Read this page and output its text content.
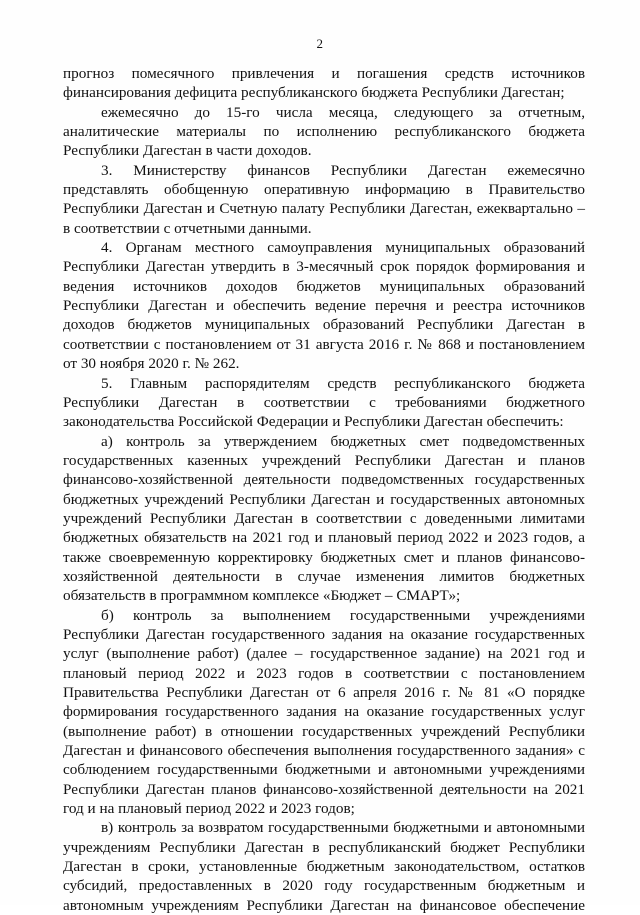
2

прогноз помесячного привлечения и погашения средств источников финансирования дефицита республиканского бюджета Республики Дагестан;

ежемесячно до 15-го числа месяца, следующего за отчетным, аналитические материалы по исполнению республиканского бюджета Республики Дагестан в части доходов.

3. Министерству финансов Республики Дагестан ежемесячно представлять обобщенную оперативную информацию в Правительство Республики Дагестан и Счетную палату Республики Дагестан, ежеквартально – в соответствии с отчетными данными.

4. Органам местного самоуправления муниципальных образований Республики Дагестан утвердить в 3-месячный срок порядок формирования и ведения источников доходов бюджетов муниципальных образований Республики Дагестан и обеспечить ведение перечня и реестра источников доходов бюджетов муниципальных образований Республики Дагестан в соответствии с постановлением от 31 августа 2016 г. № 868 и постановлением от 30 ноября 2020 г. № 262.

5. Главным распорядителям средств республиканского бюджета Республики Дагестан в соответствии с требованиями бюджетного законодательства Российской Федерации и Республики Дагестан обеспечить:

а) контроль за утверждением бюджетных смет подведомственных государственных казенных учреждений Республики Дагестан и планов финансово-хозяйственной деятельности подведомственных государственных бюджетных учреждений Республики Дагестан и государственных автономных учреждений Республики Дагестан в соответствии с доведенными лимитами бюджетных обязательств на 2021 год и плановый период 2022 и 2023 годов, а также своевременную корректировку бюджетных смет и планов финансово-хозяйственной деятельности в случае изменения лимитов бюджетных обязательств в программном комплексе «Бюджет – СМАРТ»;

б) контроль за выполнением государственными учреждениями Республики Дагестан государственного задания на оказание государственных услуг (выполнение работ) (далее – государственное задание) на 2021 год и плановый период 2022 и 2023 годов в соответствии с постановлением Правительства Республики Дагестан от 6 апреля 2016 г. № 81 «О порядке формирования государственного задания на оказание государственных услуг (выполнение работ) в отношении государственных учреждений Республики Дагестан и финансового обеспечения выполнения государственного задания» с соблюдением государственными бюджетными и автономными учреждениями Республики Дагестан планов финансово-хозяйственной деятельности на 2021 год и на плановый период 2022 и 2023 годов;

в) контроль за возвратом государственными бюджетными и автономными учреждениям Республики Дагестан в республиканский бюджет Республики Дагестан в сроки, установленные бюджетным законодательством, остатков субсидий, предоставленных в 2020 году государственным бюджетным и автономным учреждениям Республики Дагестан на финансовое обеспечение
